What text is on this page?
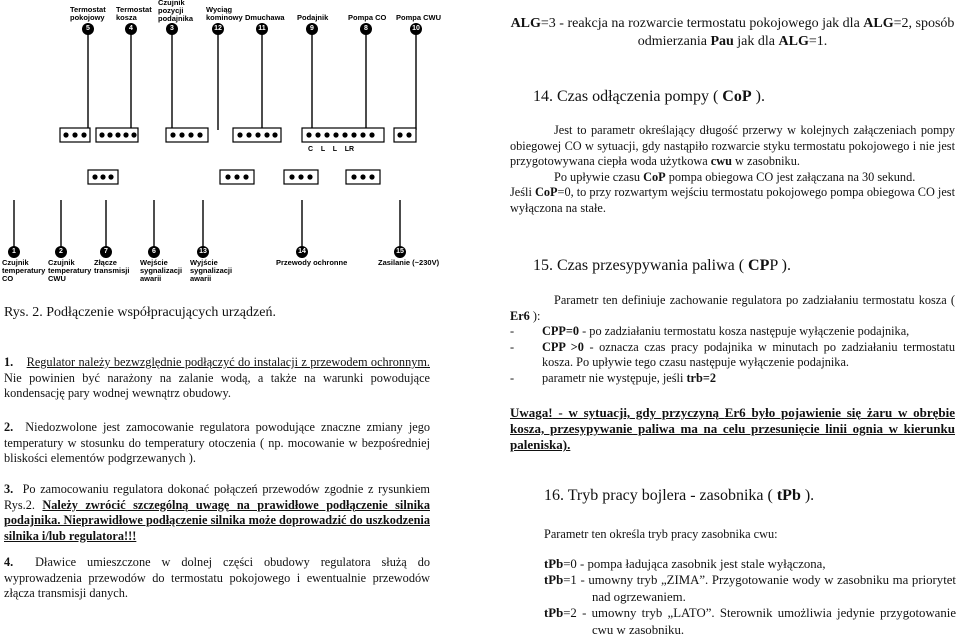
C    L    L    LR
Termostat pokojowy
5
Termostat kosza
4
Czujnik pozycji podajnika
3
Wyciąg kominowy
12
Dmuchawa
11
Podajnik
9
Pompa CO
8
Pompa CWU
10
1
Czujnik temperatury CO
2
Czujnik temperatury CWU
7
Złącze transmisji
6
Wejście sygnalizacji awarii
13
Wyjście sygnalizacji awarii
14
Przewody ochronne
15
Zasilanie (~230V)
Rys. 2. Podłączenie współpracujących urządzeń.
1. Regulator należy bezwzględnie podłączyć do instalacji z przewodem ochronnym. Nie powinien być narażony na zalanie wodą, a także na warunki powodujące kondensację pary wodnej wewnątrz obudowy.
2. Niedozwolone jest zamocowanie regulatora powodujące znaczne zmiany jego temperatury w stosunku do temperatury otoczenia ( np. mocowanie w bezpośredniej bliskości elementów podgrzewanych ).
3. Po zamocowaniu regulatora dokonać połączeń przewodów zgodnie z rysunkiem Rys.2. Należy zwrócić szczególną uwagę na prawidłowe podłączenie silnika podajnika. Nieprawidłowe podłączenie silnika może doprowadzić do uszkodzenia silnika i/lub regulatora!!!
4. Dławice umieszczone w dolnej części obudowy regulatora służą do wyprowadzenia przewodów do termostatu pokojowego i ewentualnie przewodów złącza transmisji danych.
ALG=3 - reakcja na rozwarcie termostatu pokojowego jak dla ALG=2, sposób odmierzania Pau jak dla ALG=1.
14. Czas odłączenia pompy ( CoP ).
Jest to parametr określający długość przerwy w kolejnych załączeniach pompy obiegowej CO w sytuacji, gdy nastąpiło rozwarcie styku termostatu pokojowego i nie jest przygotowywana ciepła woda użytkowa cwu w zasobniku.
Po upływie czasu CoP pompa obiegowa CO jest załączana na 30 sekund.
Jeśli CoP=0, to przy rozwartym wejściu termostatu pokojowego pompa obiegowa CO jest wyłączona na stałe.
15. Czas przesypywania paliwa ( CPP ).
Parametr ten definiuje zachowanie regulatora po zadziałaniu termostatu kosza ( Er6 ):
-	CPP=0 - po zadziałaniu termostatu kosza następuje wyłączenie podajnika,
-	CPP >0 - oznacza czas pracy podajnika w minutach po zadziałaniu termostatu kosza. Po upływie tego czasu następuje wyłączenie podajnika.
-	parametr nie występuje, jeśli trb=2
Uwaga! - w sytuacji, gdy przyczyną Er6 było pojawienie się żaru w obrębie kosza, przesypywanie paliwa ma na celu przesunięcie linii ognia w kierunku paleniska).
16. Tryb pracy bojlera - zasobnika ( tPb ).
Parametr ten określa tryb pracy zasobnika cwu:
tPb=0 - pompa ładująca zasobnik jest stale wyłączona,
tPb=1 - umowny tryb „ZIMA”. Przygotowanie wody w zasobniku ma priorytet nad ogrzewaniem.
tPb=2 - umowny tryb „LATO”. Sterownik umożliwia jedynie przygotowanie cwu w zasobniku.
